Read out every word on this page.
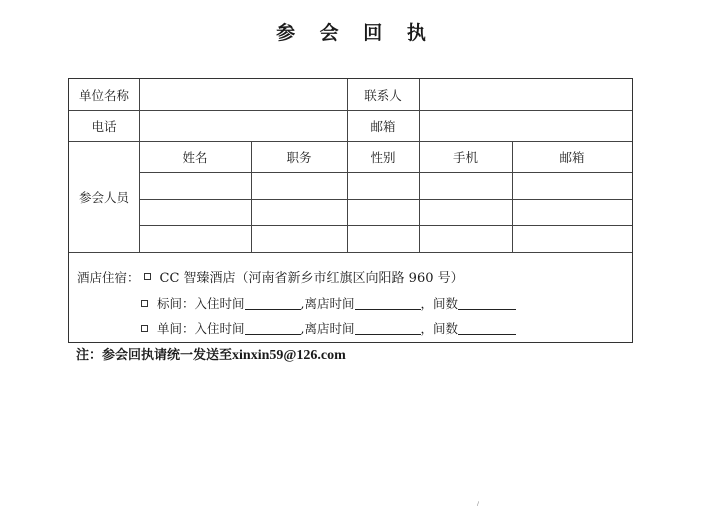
参 会 回 执
单位名称	联系人
电话	邮箱
参会人员
姓名	职务	性别	手机	邮箱
酒店住宿： CC 智臻酒店（河南省新乡市红旗区向阳路 960 号）
标间：入住时间	,离店时间	，间数
单间：入住时间	,离店时间	，间数
注：参会回执请统一发送至xinxin59@126.com
⸝
